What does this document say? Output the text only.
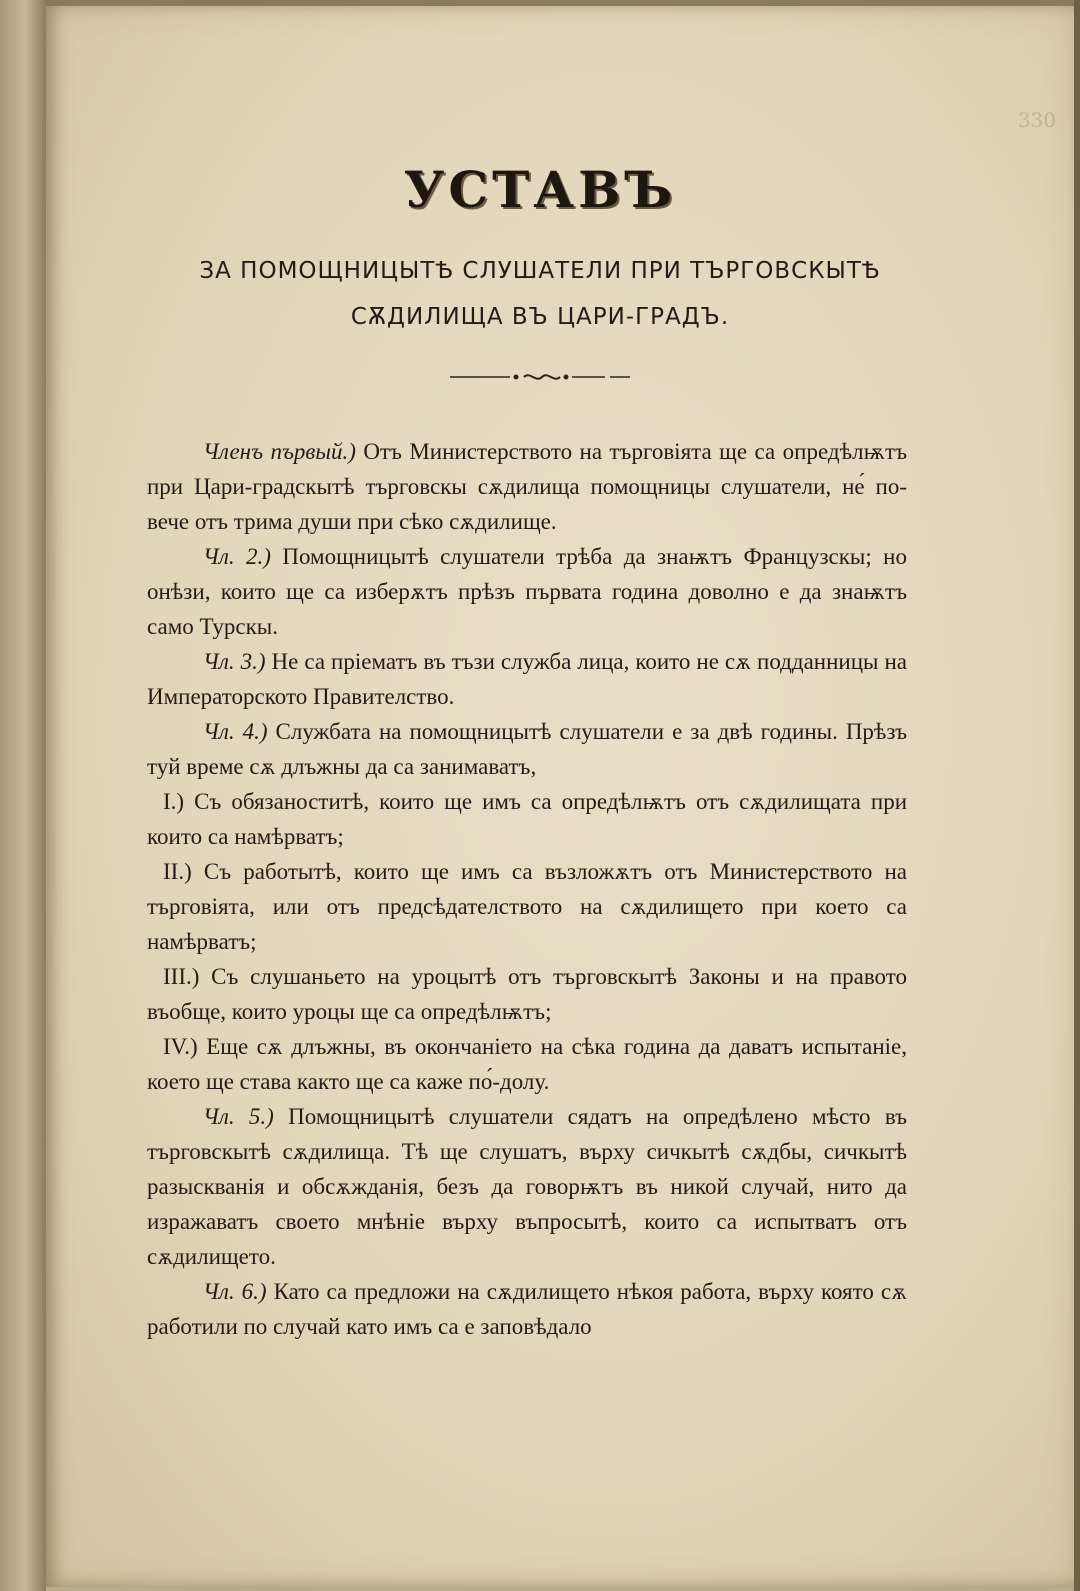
330
УСТАВЪ
ЗА ПОМОЩНИЦЫТѢ СЛУШАТЕЛИ ПРИ ТЪРГОВСКЫТѢ СѪДИЛИЩА ВЪ ЦАРИ-ГРАДЪ.

Членъ първый.) Отъ Министерството на търговiята ще са опредѣлѭтъ при Цари-градскытѣ търговскы сѫдилища помощницы слушатели, не́ по-вече отъ трима души при сѣко сѫдилище.

Чл. 2.) Помощницытѣ слушатели трѣба да знаѭтъ Французскы; но онѣзи, които ще са изберѫтъ прѣзъ първата година доволно е да знаѭтъ само Турскы.

Чл. 3.) Не са прiематъ въ тъзи служба лица, които не сѫ подданницы на Императорското Правителство.

Чл. 4.) Службата на помощницытѣ слушатели е за двѣ годины. Прѣзъ туй време сѫ длъжны да са занимаватъ,

I.) Съ обязаноститѣ, които ще имъ са опредѣлѭтъ отъ сѫдилищата при които са намѣрватъ;

II.) Съ работытѣ, които ще имъ са възложѫтъ отъ Министерството на търговiята, или отъ предсѣдателството на сѫдилището при което са намѣрватъ;

III.) Съ слушаньето на уроцытѣ отъ търговскытѣ Законы и на правото въобще, които уроцы ще са опредѣлѭтъ;

IV.) Еще сѫ длъжны, въ окончанiето на сѣка година да даватъ испытанiе, което ще става както ще са каже по́-долу.

Чл. 5.) Помощницытѣ слушатели сядатъ на опредѣлено мѣсто въ търговскытѣ сѫдилища. Тѣ ще слушатъ, върху сичкытѣ сѫдбы, сичкытѣ разыскванiя и обсѫжданiя, безъ да говорѭтъ въ никой случай, нито да изражаватъ своето мнѣнiе върху въпросытѣ, които са испытватъ отъ сѫдилището.

Чл. 6.) Като са предложи на сѫдилището нѣкоя работа, върху която сѫ работили по случай като имъ са е заповѣдало
